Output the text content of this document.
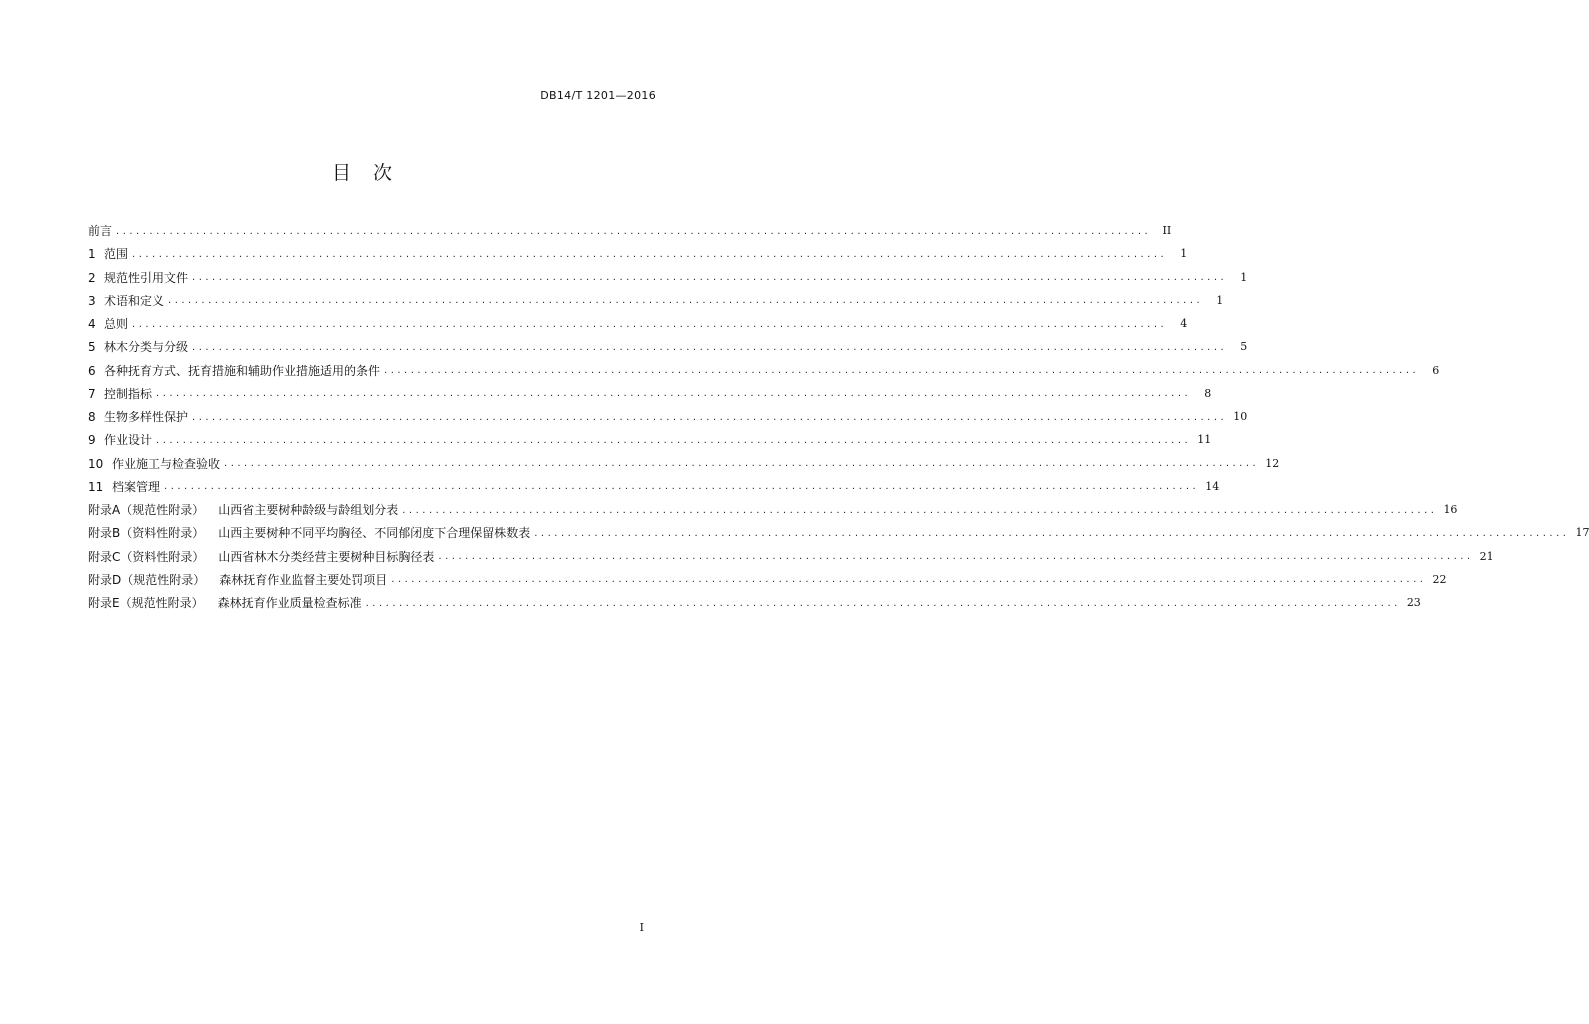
DB14/T 1201—2016
目次
前言 ...........................................................................................................................................................	II
1 范围 ...........................................................................................................................................................	1
2 规范性引用文件 ...........................................................................................................................................................	1
3 术语和定义 ...........................................................................................................................................................	1
4 总则 ...........................................................................................................................................................	4
5 林木分类与分级 ...........................................................................................................................................................	5
6 各种抚育方式、抚育措施和辅助作业措施适用的条件 ...........................................................................................................................................................	6
7 控制指标 ...........................................................................................................................................................	8
8 生物多样性保护 ........................................................................................................................................................... 10
9 作业设计 ........................................................................................................................................................... 11
10 作业施工与检查验收 ........................................................................................................................................................... 12
11 档案管理 ........................................................................................................................................................... 14
附录A（规范性附录） 山西省主要树种龄级与龄组划分表 ........................................................................................................................................................... 16
附录B（资料性附录） 山西主要树种不同平均胸径、不同郁闭度下合理保留株数表 ........................................................................................................................................................... 17
附录C（资料性附录） 山西省林木分类经营主要树种目标胸径表 ........................................................................................................................................................... 21
附录D（规范性附录） 森林抚育作业监督主要处罚项目 ........................................................................................................................................................... 22
附录E（规范性附录） 森林抚育作业质量检查标准 ........................................................................................................................................................... 23
I
